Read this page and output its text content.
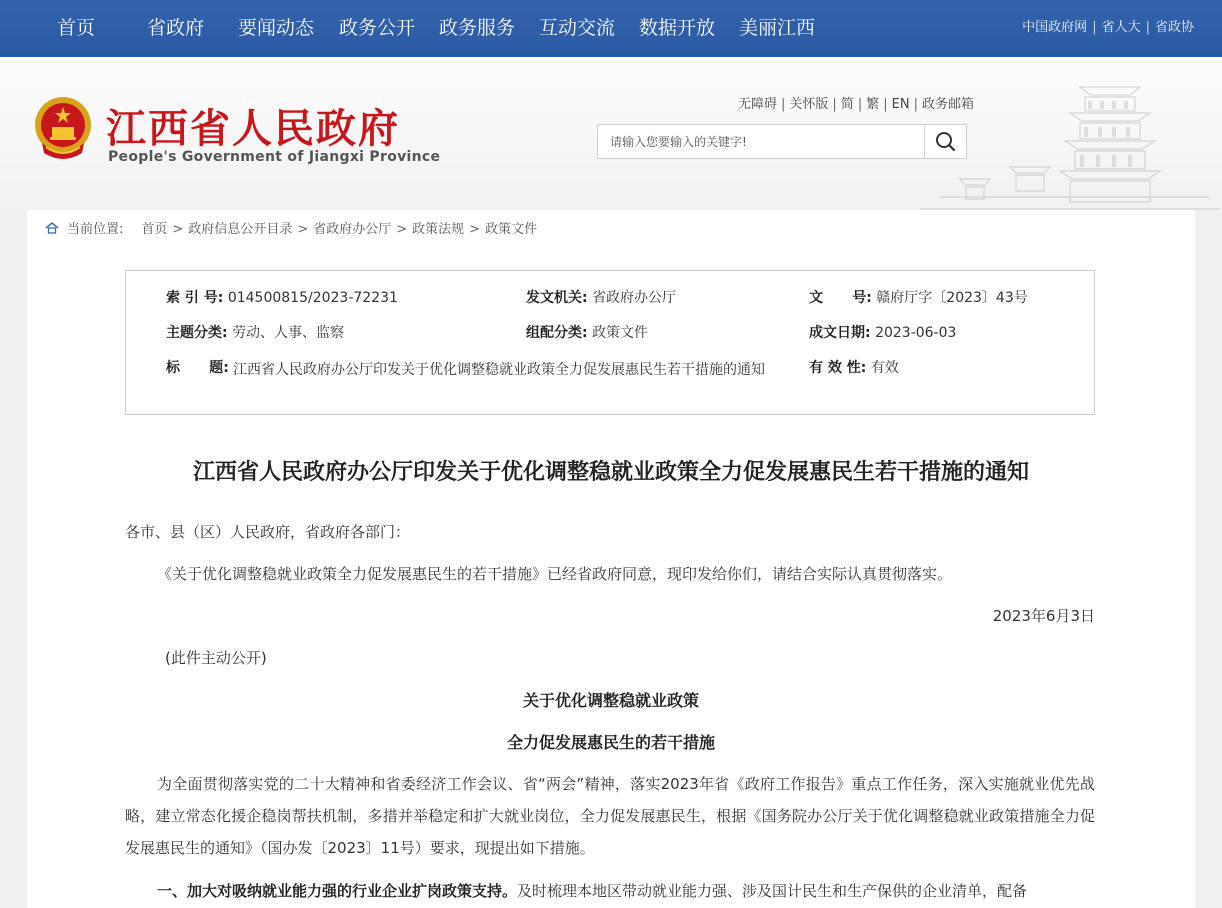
首页	省政府 要闻动态 政务公开 政务服务 互动交流 数据开放 美丽江西	中国政府网 | 省人大 | 省政协
江西省人民政府
People's Government of Jiangxi Province
无障碍 | 关怀版 | 简 | 繁 | EN | 政务邮箱
请输入您要输入的关键字!
当前位置: 首页 > 政府信息公开目录 > 省政府办公厅 > 政策法规 > 政策文件
索 引 号: 014500815/2023-72231	发文机关: 省政府办公厅	文      号: 赣府厅字〔2023〕43号
主题分类: 劳动、人事、监察	组配分类: 政策文件	成文日期: 2023-06-03
标      题: 江西省人民政府办公厅印发关于优化调整稳就业政策全力促发展惠民生若干措施的通知	有 效 性: 有效
江西省人民政府办公厅印发关于优化调整稳就业政策全力促发展惠民生若干措施的通知
各市、县（区）人民政府，省政府各部门：
《关于优化调整稳就业政策全力促发展惠民生的若干措施》已经省政府同意，现印发给你们，请结合实际认真贯彻落实。
2023年6月3日
(此件主动公开)
关于优化调整稳就业政策
全力促发展惠民生的若干措施
为全面贯彻落实党的二十大精神和省委经济工作会议、省“两会”精神，落实2023年省《政府工作报告》重点工作任务，深入实施就业优先战略，建立常态化援企稳岗帮扶机制，多措并举稳定和扩大就业岗位，全力促发展惠民生，根据《国务院办公厅关于优化调整稳就业政策措施全力促发展惠民生的通知》（国办发〔2023〕11号）要求，现提出如下措施。
一、加大对吸纳就业能力强的行业企业扩岗政策支持。及时梳理本地区带动就业能力强、涉及国计民生和生产保供的企业清单，配备
